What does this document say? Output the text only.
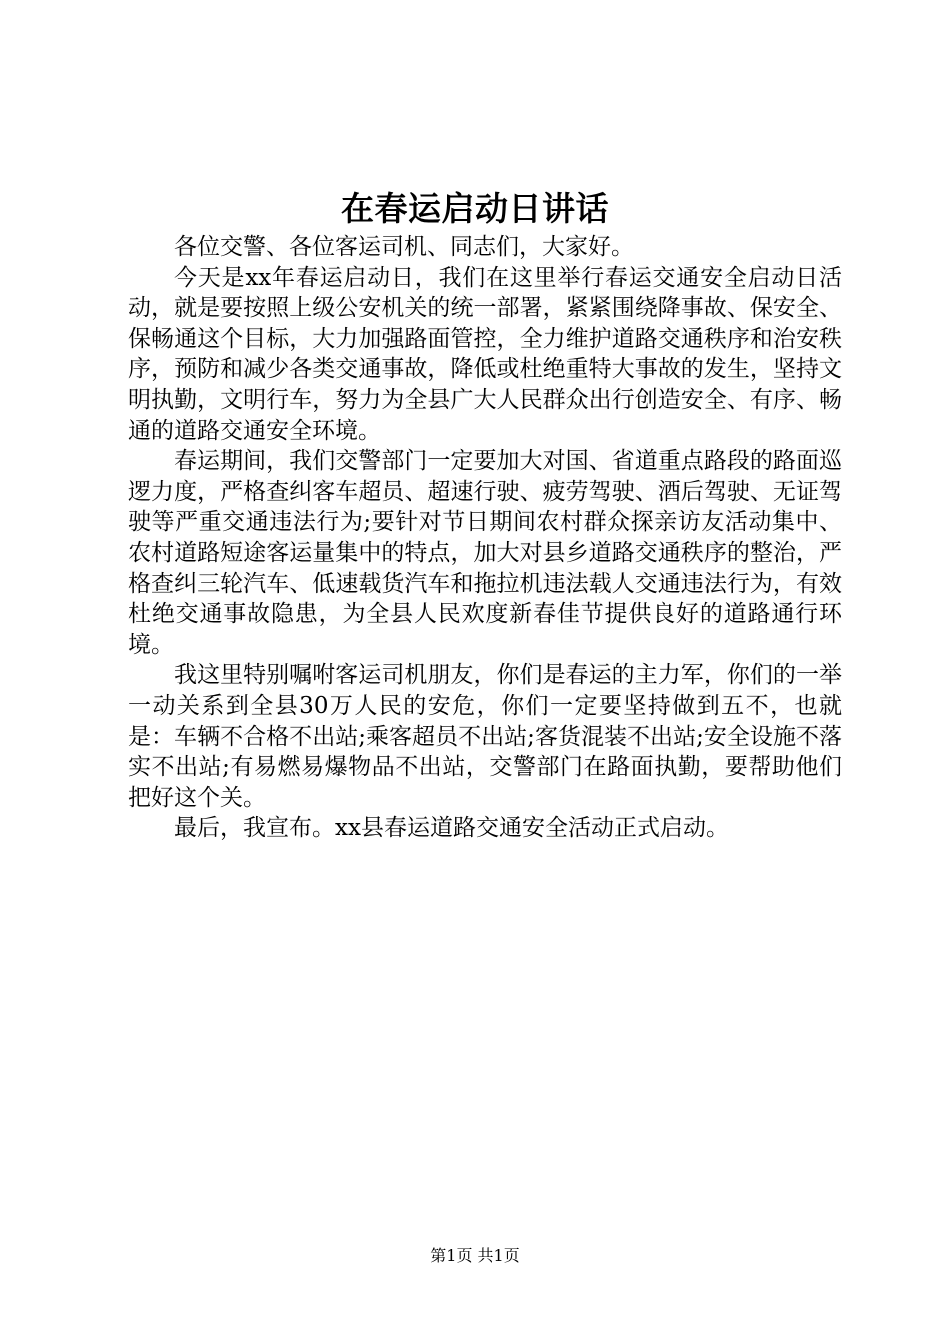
在春运启动日讲话

各位交警、各位客运司机、同志们，大家好。

今天是xx年春运启动日，我们在这里举行春运交通安全启动日活动，就是要按照上级公安机关的统一部署，紧紧围绕降事故、保安全、保畅通这个目标，大力加强路面管控，全力维护道路交通秩序和治安秩序，预防和减少各类交通事故，降低或杜绝重特大事故的发生，坚持文明执勤，文明行车，努力为全县广大人民群众出行创造安全、有序、畅通的道路交通安全环境。

春运期间，我们交警部门一定要加大对国、省道重点路段的路面巡逻力度，严格查纠客车超员、超速行驶、疲劳驾驶、酒后驾驶、无证驾驶等严重交通违法行为;要针对节日期间农村群众探亲访友活动集中、农村道路短途客运量集中的特点，加大对县乡道路交通秩序的整治，严格查纠三轮汽车、低速载货汽车和拖拉机违法载人交通违法行为，有效杜绝交通事故隐患，为全县人民欢度新春佳节提供良好的道路通行环境。

我这里特别嘱咐客运司机朋友，你们是春运的主力军，你们的一举一动关系到全县30万人民的安危，你们一定要坚持做到五不，也就是：车辆不合格不出站;乘客超员不出站;客货混装不出站;安全设施不落实不出站;有易燃易爆物品不出站，交警部门在路面执勤，要帮助他们把好这个关。

最后，我宣布。xx县春运道路交通安全活动正式启动。

第1页 共1页
